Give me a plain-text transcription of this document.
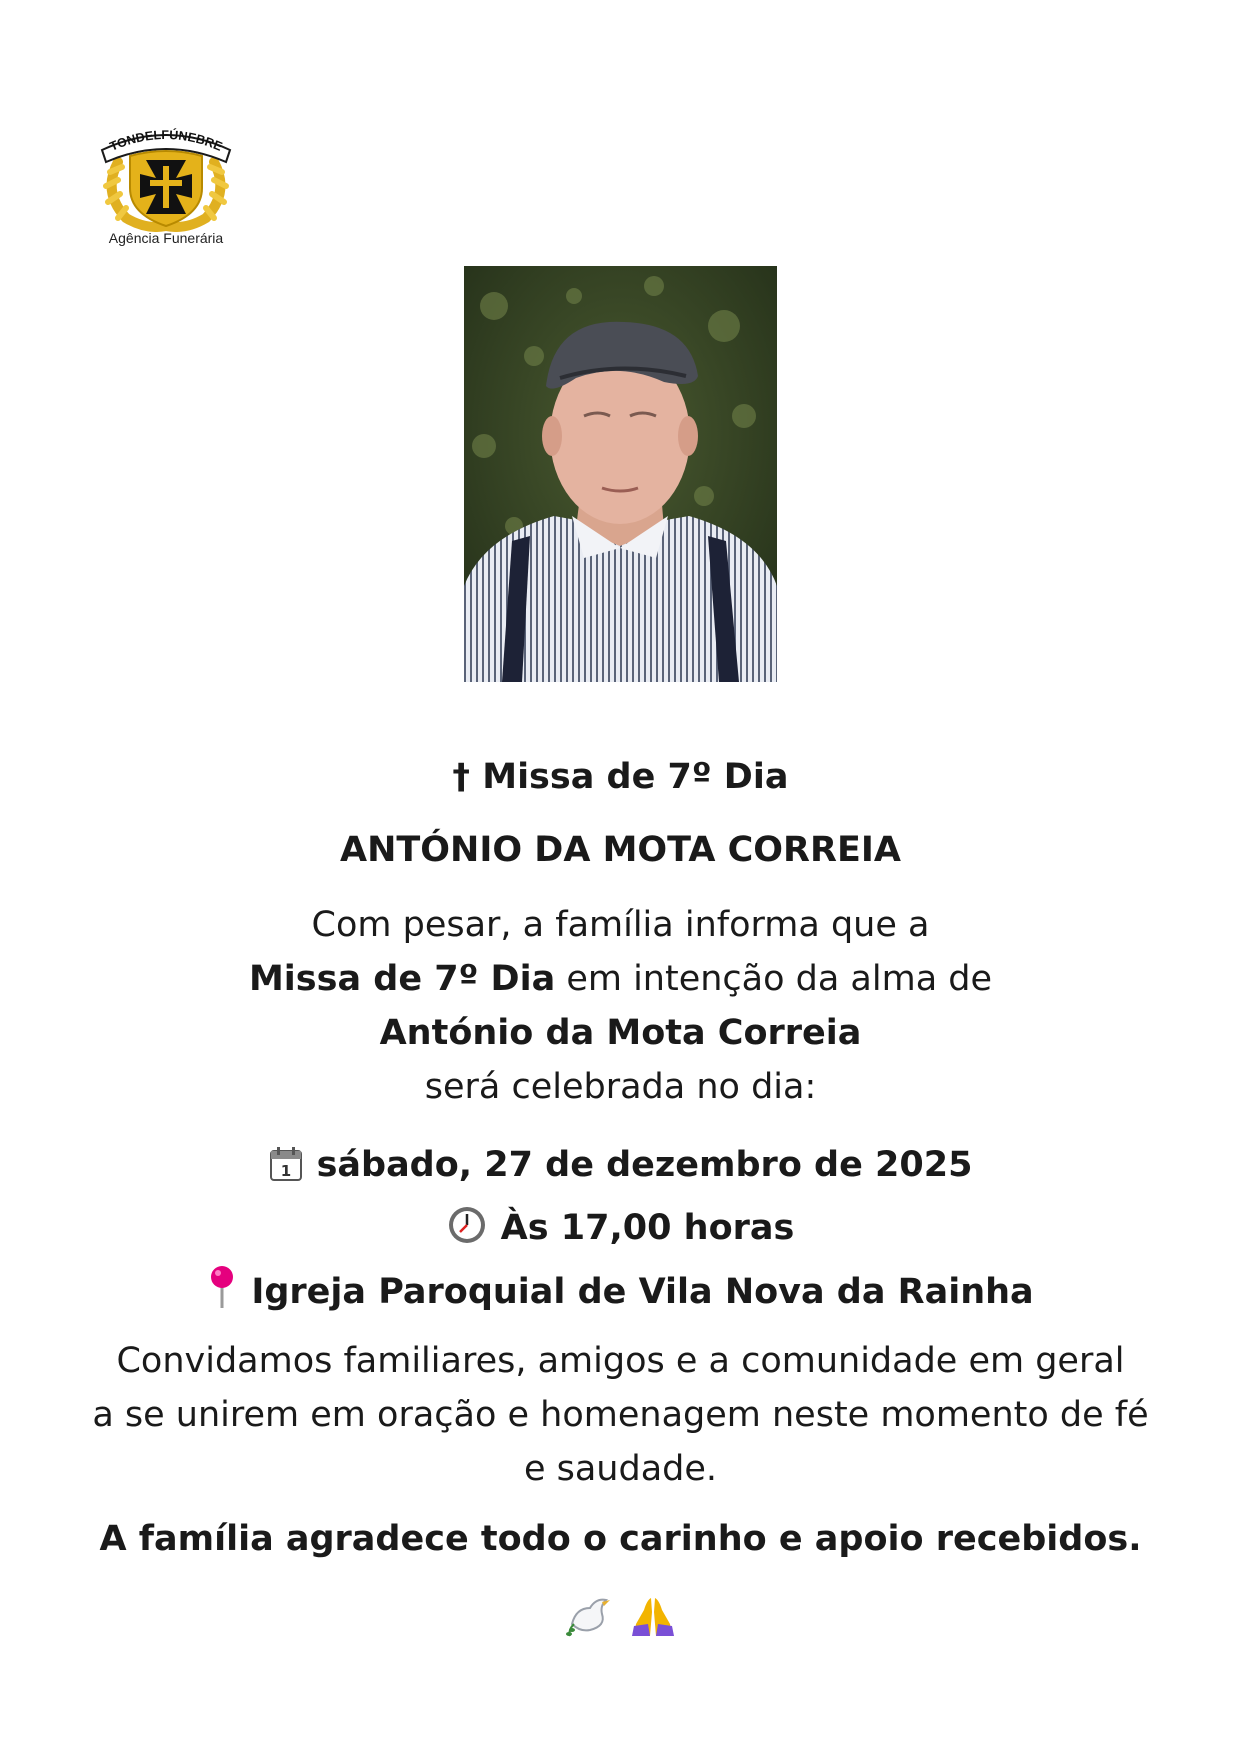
TONDELFÚNEBRE
Agência Funerária
† Missa de 7º Dia
ANTÓNIO DA MOTA CORREIA
Com pesar, a família informa que a
Missa de 7º Dia em intenção da alma de
António da Mota Correia
será celebrada no dia:
1 sábado, 27 de dezembro de 2025
Às 17,00 horas
Igreja Paroquial de Vila Nova da Rainha
Convidamos familiares, amigos e a comunidade em geral
a se unirem em oração e homenagem neste momento de fé
e saudade.
A família agradece todo o carinho e apoio recebidos.
